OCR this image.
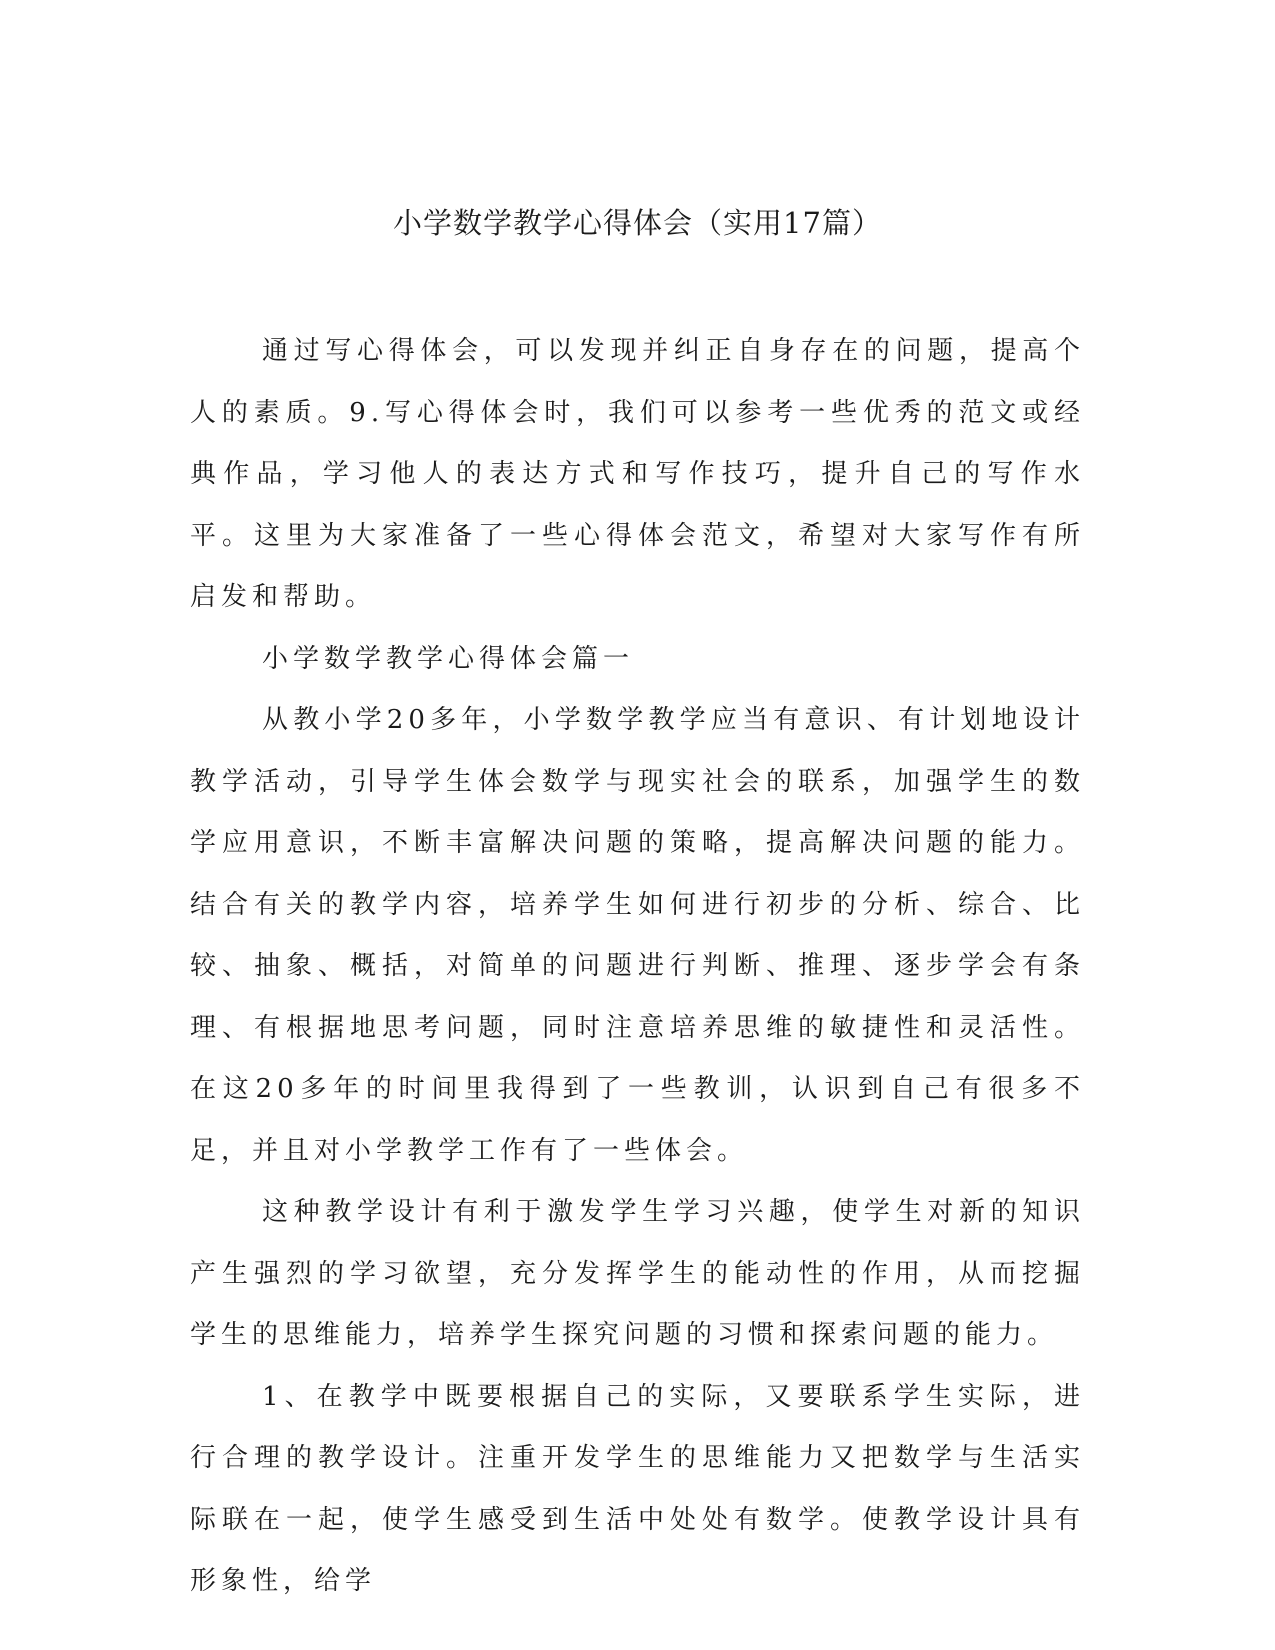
小学数学教学心得体会（实用17篇）

通过写心得体会，可以发现并纠正自身存在的问题，提高个人的素质。9.写心得体会时，我们可以参考一些优秀的范文或经典作品，学习他人的表达方式和写作技巧，提升自己的写作水平。这里为大家准备了一些心得体会范文，希望对大家写作有所启发和帮助。

小学数学教学心得体会篇一

从教小学20多年，小学数学教学应当有意识、有计划地设计教学活动，引导学生体会数学与现实社会的联系，加强学生的数学应用意识，不断丰富解决问题的策略，提高解决问题的能力。结合有关的教学内容，培养学生如何进行初步的分析、综合、比较、抽象、概括，对简单的问题进行判断、推理、逐步学会有条理、有根据地思考问题，同时注意培养思维的敏捷性和灵活性。在这20多年的时间里我得到了一些教训，认识到自己有很多不足，并且对小学教学工作有了一些体会。

这种教学设计有利于激发学生学习兴趣，使学生对新的知识产生强烈的学习欲望，充分发挥学生的能动性的作用，从而挖掘学生的思维能力，培养学生探究问题的习惯和探索问题的能力。

1、在教学中既要根据自己的实际，又要联系学生实际，进行合理的教学设计。注重开发学生的思维能力又把数学与生活实际联在一起，使学生感受到生活中处处有数学。使教学设计具有形象性，给学
